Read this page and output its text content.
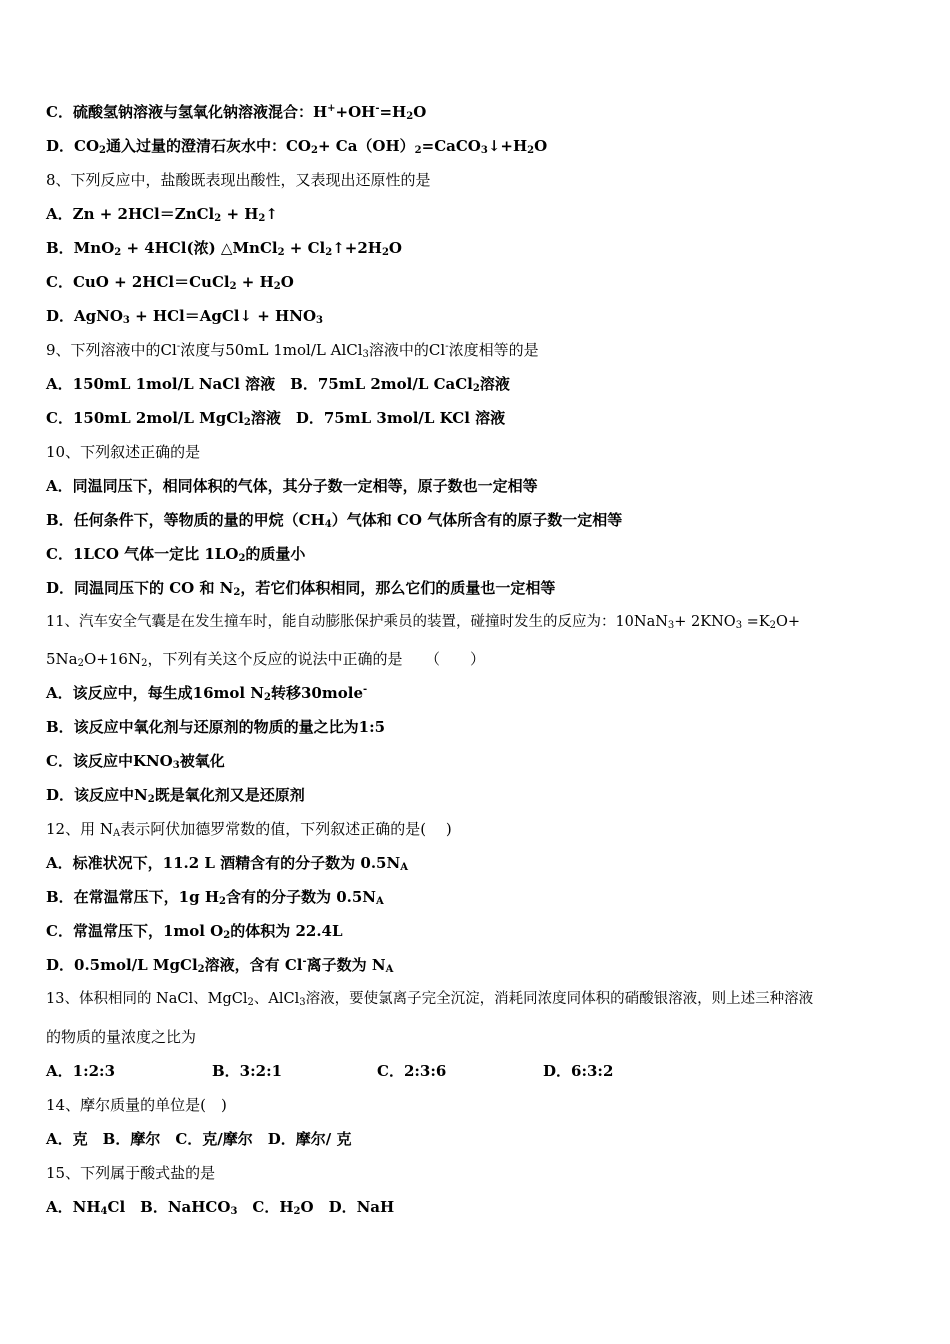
C．硫酸氢钠溶液与氢氧化钠溶液混合：$H^++OH^-=H_2O$
D．$CO_2$通入过量的澄清石灰水中：$CO_2+$ $Ca(OH)_2=CaCO_3↓+H_2O$
8、下列反应中，盐酸既表现出酸性，又表现出还原性的是
A．Zn + 2HCl＝ZnCl$_2$ + $H_2↑$
B．MnO$_2$ + 4HCl(浓) △MnCl$_2$ + $Cl_2↑+2H_2O$
C．CuO + 2HCl＝CuCl$_2$ + $H_2O$
D．AgNO$_3$ + HCl＝AgCl↓ + $HNO_3$
9、下列溶液中的Cl-浓度与50mL 1mol/L AlCl$_3$溶液中的Cl-浓度相等的是
A．150mL 1mol/L NaCl 溶液　B．75mL 2mol/L CaCl$_2$溶液
C．150mL 2mol/L MgCl$_2$溶液　D．75mL 3mol/L KCl 溶液
10、下列叙述正确的是
A．同温同压下，相同体积的气体，其分子数一定相等，原子数也一定相等
B．任何条件下，等物质的量的甲烷$(CH_4)$气体和 CO 气体所含有的原子数一定相等
C．1LCO 气体一定比 $1LO_2$的质量小
D．同温同压下的 CO 和 $N_2$，若它们体积相同，那么它们的质量也一定相等
11、汽车安全气囊是在发生撞车时，能自动膨胀保护乘员的装置，碰撞时发生的反应为：$10NaN_3+ 2KNO_3 =K_2O+$
$5Na_2O+16N_2$，下列有关这个反应的说法中正确的是　　（　　）
A．该反应中，每生成16mol $N_2$转移30mole-
B．该反应中氧化剂与还原剂的物质的量之比为1:5
C．该反应中$KNO_3$被氧化
D．该反应中$N_2$既是氧化剂又是还原剂
12、用 $N_A$表示阿伏加德罗常数的值，下列叙述正确的是(　 )
A．标准状况下，11.2 L 酒精含有的分子数为 $0.5N_A$
B．在常温常压下，1g $H_2$含有的分子数为 $0.5N_A$
C．常温常压下，1mol $O_2$的体积为 22.4L
D．0.5mol/L MgCl$_2$溶液，含有 Cl-离子数为 $N_A$
13、体积相同的 NaCl、MgCl$_2$、AlCl$_3$溶液，要使氯离子完全沉淀，消耗同浓度同体积的硝酸银溶液，则上述三种溶液
的物质的量浓度之比为
A．1:2:3	B．3:2:1	C．2:3:6	D．6:3:2
14、摩尔质量的单位是(　)
A．克　B．摩尔　C．克/摩尔　D．摩尔/ 克
15、下列属于酸式盐的是
A．$NH_4Cl$　B．NaHCO$_3$　C．$H_2O$　D．NaH
